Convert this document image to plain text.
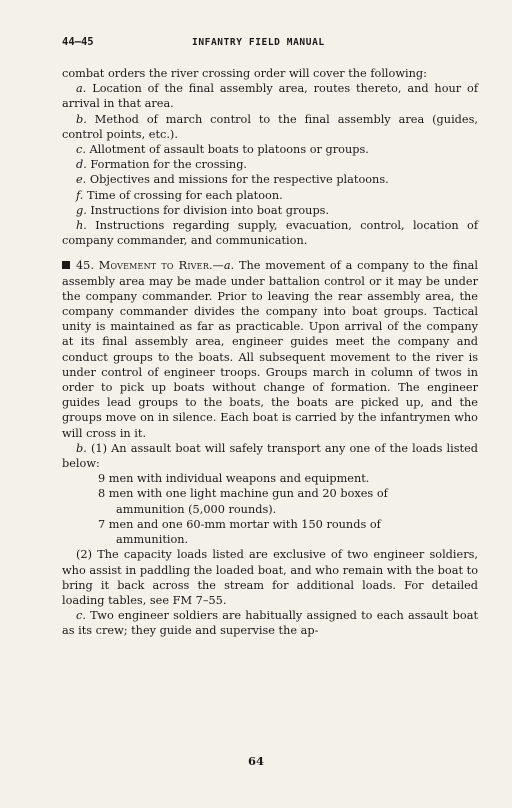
44–45	INFANTRY FIELD MANUAL

combat orders the river crossing order will cover the following:

a. Location of the final assembly area, routes thereto, and hour of arrival in that area.

b. Method of march control to the final assembly area (guides, control points, etc.).

c. Allotment of assault boats to platoons or groups.

d. Formation for the crossing.

e. Objectives and missions for the respective platoons.

f. Time of crossing for each platoon.

g. Instructions for division into boat groups.

h. Instructions regarding supply, evacuation, control, location of company commander, and communication.

45. Movement to River.—a. The movement of a company to the final assembly area may be made under battalion control or it may be under the company commander. Prior to leaving the rear assembly area, the company commander divides the company into boat groups. Tactical unity is maintained as far as practicable. Upon arrival of the company at its final assembly area, engineer guides meet the company and conduct groups to the boats. All subsequent movement to the river is under control of engineer troops. Groups march in column of twos in order to pick up boats without change of formation. The engineer guides lead groups to the boats, the boats are picked up, and the groups move on in silence. Each boat is carried by the infantrymen who will cross in it.

b. (1) An assault boat will safely transport any one of the loads listed below:

9 men with individual weapons and equipment.

8 men with one light machine gun and 20 boxes of

ammunition (5,000 rounds).

7 men and one 60-mm mortar with 150 rounds of

ammunition.

(2) The capacity loads listed are exclusive of two engineer soldiers, who assist in paddling the loaded boat, and who remain with the boat to bring it back across the stream for additional loads. For detailed loading tables, see FM 7–55.

c. Two engineer soldiers are habitually assigned to each assault boat as its crew; they guide and supervise the ap-

64
